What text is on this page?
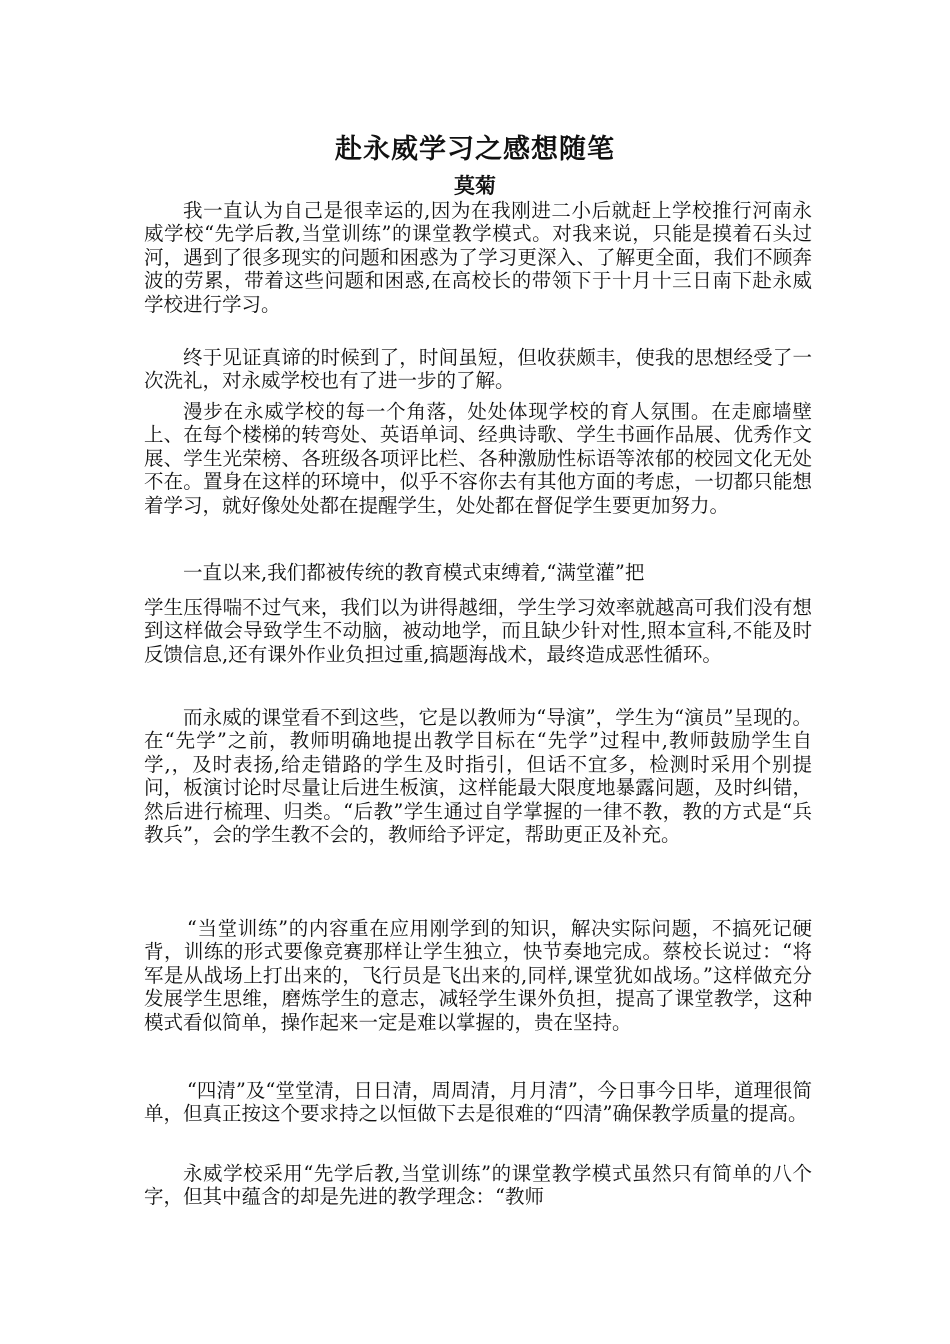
赴永威学习之感想随笔
莫菊

我一直认为自己是很幸运的,因为在我刚进二小后就赶上学校推行河南永威学校“先学后教,当堂训练”的课堂教学模式。对我来说，只能是摸着石头过河，遇到了很多现实的问题和困惑为了学习更深入、了解更全面，我们不顾奔波的劳累，带着这些问题和困惑,在高校长的带领下于十月十三日南下赴永威学校进行学习。

终于见证真谛的时候到了，时间虽短，但收获颇丰，使我的思想经受了一次洗礼，对永威学校也有了进一步的了解。

漫步在永威学校的每一个角落，处处体现学校的育人氛围。在走廊墙壁上、在每个楼梯的转弯处、英语单词、经典诗歌、学生书画作品展、优秀作文展、学生光荣榜、各班级各项评比栏、各种激励性标语等浓郁的校园文化无处不在。置身在这样的环境中，似乎不容你去有其他方面的考虑，一切都只能想着学习，就好像处处都在提醒学生，处处都在督促学生要更加努力。

一直以来,我们都被传统的教育模式束缚着,“满堂灌”把

学生压得喘不过气来，我们以为讲得越细，学生学习效率就越高可我们没有想到这样做会导致学生不动脑，被动地学，而且缺少针对性,照本宣科,不能及时反馈信息,还有课外作业负担过重,搞题海战术，最终造成恶性循环。

而永威的课堂看不到这些，它是以教师为“导演”，学生为“演员”呈现的。在“先学”之前，教师明确地提出教学目标在“先学”过程中,教师鼓励学生自学,，及时表扬,给走错路的学生及时指引，但话不宜多，检测时采用个别提问，板演讨论时尽量让后进生板演，这样能最大限度地暴露问题，及时纠错，然后进行梳理、归类。“后教”学生通过自学掌握的一律不教，教的方式是“兵教兵”，会的学生教不会的，教师给予评定，帮助更正及补充。

“当堂训练”的内容重在应用刚学到的知识，解决实际问题，不搞死记硬背，训练的形式要像竞赛那样让学生独立，快节奏地完成。蔡校长说过：“将军是从战场上打出来的，飞行员是飞出来的,同样,课堂犹如战场。”这样做充分发展学生思维，磨炼学生的意志，减轻学生课外负担，提高了课堂教学，这种模式看似简单，操作起来一定是难以掌握的，贵在坚持。

“四清”及“堂堂清，日日清，周周清，月月清”，今日事今日毕，道理很简单，但真正按这个要求持之以恒做下去是很难的“四清”确保教学质量的提高。

永威学校采用“先学后教,当堂训练”的课堂教学模式虽然只有简单的八个字，但其中蕴含的却是先进的教学理念：“教师
